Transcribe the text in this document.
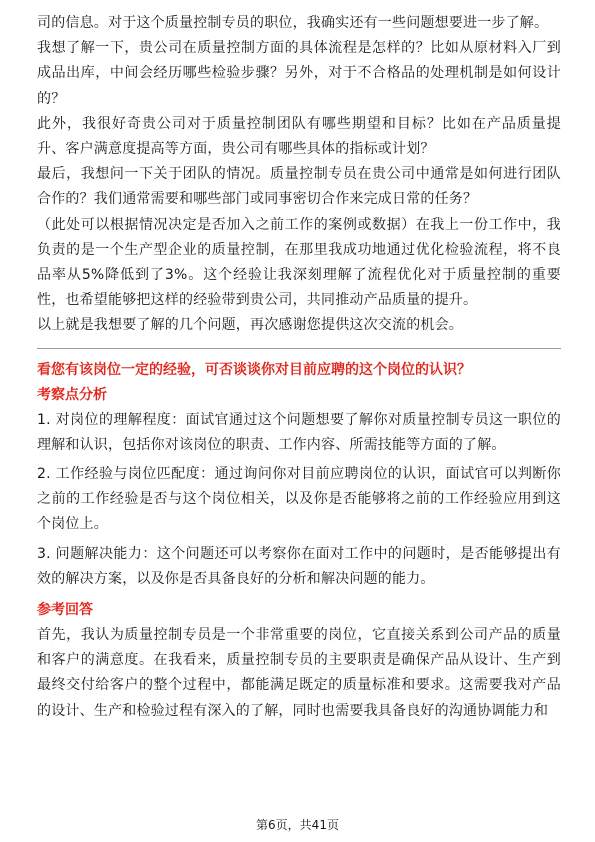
司的信息。对于这个质量控制专员的职位，我确实还有一些问题想要进一步了解。

我想了解一下，贵公司在质量控制方面的具体流程是怎样的？比如从原材料入厂到成品出库，中间会经历哪些检验步骤？另外，对于不合格品的处理机制是如何设计的？

此外，我很好奇贵公司对于质量控制团队有哪些期望和目标？比如在产品质量提升、客户满意度提高等方面，贵公司有哪些具体的指标或计划？

最后，我想问一下关于团队的情况。质量控制专员在贵公司中通常是如何进行团队合作的？我们通常需要和哪些部门或同事密切合作来完成日常的任务？

（此处可以根据情况决定是否加入之前工作的案例或数据）在我上一份工作中，我负责的是一个生产型企业的质量控制，在那里我成功地通过优化检验流程，将不良品率从5%降低到了3%。这个经验让我深刻理解了流程优化对于质量控制的重要性，也希望能够把这样的经验带到贵公司，共同推动产品质量的提升。

以上就是我想要了解的几个问题，再次感谢您提供这次交流的机会。

看您有该岗位一定的经验，可否谈谈你对目前应聘的这个岗位的认识？

考察点分析

1. 对岗位的理解程度：面试官通过这个问题想要了解你对质量控制专员这一职位的理解和认识，包括你对该岗位的职责、工作内容、所需技能等方面的了解。

2. 工作经验与岗位匹配度：通过询问你对目前应聘岗位的认识，面试官可以判断你之前的工作经验是否与这个岗位相关，以及你是否能够将之前的工作经验应用到这个岗位上。

3. 问题解决能力：这个问题还可以考察你在面对工作中的问题时，是否能够提出有效的解决方案，以及你是否具备良好的分析和解决问题的能力。

参考回答

首先，我认为质量控制专员是一个非常重要的岗位，它直接关系到公司产品的质量和客户的满意度。在我看来，质量控制专员的主要职责是确保产品从设计、生产到最终交付给客户的整个过程中，都能满足既定的质量标准和要求。这需要我对产品的设计、生产和检验过程有深入的了解，同时也需要我具备良好的沟通协调能力和

第6页，共41页
